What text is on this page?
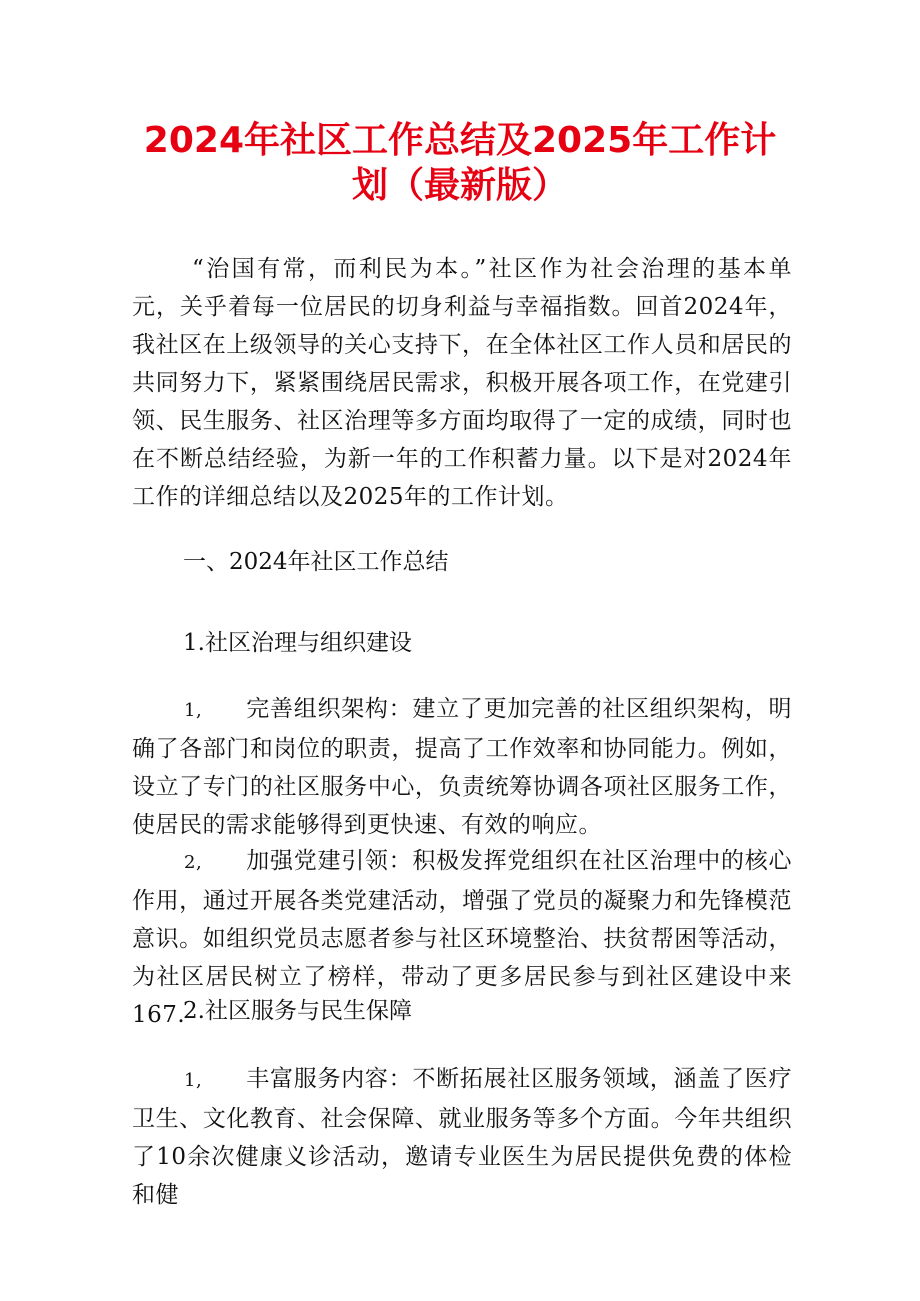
2024年社区工作总结及2025年工作计
划（最新版）

“治国有常，而利民为本。”社区作为社会治理的基本单元，关乎着每一位居民的切身利益与幸福指数。回首2024年，我社区在上级领导的关心支持下，在全体社区工作人员和居民的共同努力下，紧紧围绕居民需求，积极开展各项工作，在党建引领、民生服务、社区治理等多方面均取得了一定的成绩，同时也在不断总结经验，为新一年的工作积蓄力量。以下是对2024年工作的详细总结以及2025年的工作计划。

一、2024年社区工作总结

1.社区治理与组织建设

1, 完善组织架构：建立了更加完善的社区组织架构，明确了各部门和岗位的职责，提高了工作效率和协同能力。例如，设立了专门的社区服务中心，负责统筹协调各项社区服务工作，使居民的需求能够得到更快速、有效的响应。

2, 加强党建引领：积极发挥党组织在社区治理中的核心作用，通过开展各类党建活动，增强了党员的凝聚力和先锋模范意识。如组织党员志愿者参与社区环境整治、扶贫帮困等活动，为社区居民树立了榜样，带动了更多居民参与到社区建设中来167.

2.社区服务与民生保障

1, 丰富服务内容：不断拓展社区服务领域，涵盖了医疗卫生、文化教育、社会保障、就业服务等多个方面。今年共组织了10余次健康义诊活动，邀请专业医生为居民提供免费的体检和健
